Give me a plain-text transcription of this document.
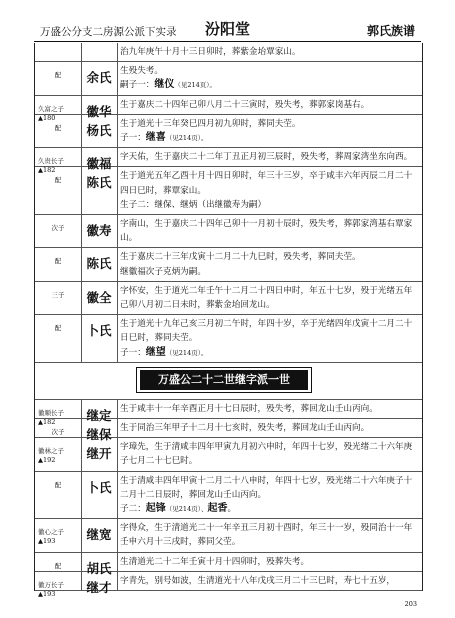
万盛公分支二房源公派下实录	汾阳堂	郭氏族谱
治九年庚午十月十三日卯时，葬紫金坮覃家山。
配	余氏 生殁失考。
嗣子一：继仪（见214页）。
久富之子
▲180	徽华 生于嘉庆二十四年己卯八月二十三寅时，殁失考，葬郭家岗基右。
配	杨氏 生于道光十三年癸巳四月初九卯时，葬同夫茔。
子一：继喜（见214页）。
久贵长子
▲182	徽福 字天佑，生于嘉庆二十二年丁丑正月初三辰时，殁失考，葬周家湾坐东向西。
配	陈氏 生于道光五年乙酉十月十四日卯时，年三十三岁，卒于咸丰六年丙辰二月二十四日巳时，葬覃家山。
生子二：继保、继炳（出继徽寿为嗣）
次子	徽寿 字南山，生于嘉庆二十四年己卯十一月初十辰时，殁失考，葬郭家湾基右覃家山。
配	陈氏 生于嘉庆二十三年戊寅十二月二十九巳时，殁失考，葬同夫茔。
继徽福次子克炳为嗣。
三子	徽全 字怀安，生于道光二年壬午十二月二十四日申时，年五十七岁，殁于光绪五年己卯八月初二日未时，葬紫金坮回龙山。
配	卜氏 生于道光十九年己亥三月初二午时，年四十岁，卒于光绪四年戊寅十二月二十日巳时，葬同夫茔。
子一：继望（见214页）。
万盛公二十二世继字派一世
徽顺长子
▲182	继定 生于咸丰十一年辛酉正月十七日辰时，殁失考，葬回龙山壬山丙向。
次子	继保 生于同治三年甲子十二月十七亥时，殁失考，葬回龙山壬山丙向。
徽林之子
▲192	继开 字璋先，生于清咸丰四年甲寅九月初六申时，年四十七岁，殁光绪二十六年庚子七月二十七巳时。
配	卜氏 生于清咸丰四年甲寅十二月二十八申时，年四十七岁，殁光绪二十六年庚子十二月十二日辰时，葬回龙山壬山丙向。
子二：起锋（见214页）、起香。
徽心之子
▲193	继宽 字得众，生于清道光二十一年辛丑三月初十酉时，年三十一岁，殁同治十一年壬申六月十三戌时，葬同父茔。
配	胡氏 生清道光二十二年壬寅十月十四卯时，殁葬失考。
徽万长子
▲193	继才 字青先，别号如波，生清道光十八年戊戌三月二十三巳时，寿七十五岁，
203
